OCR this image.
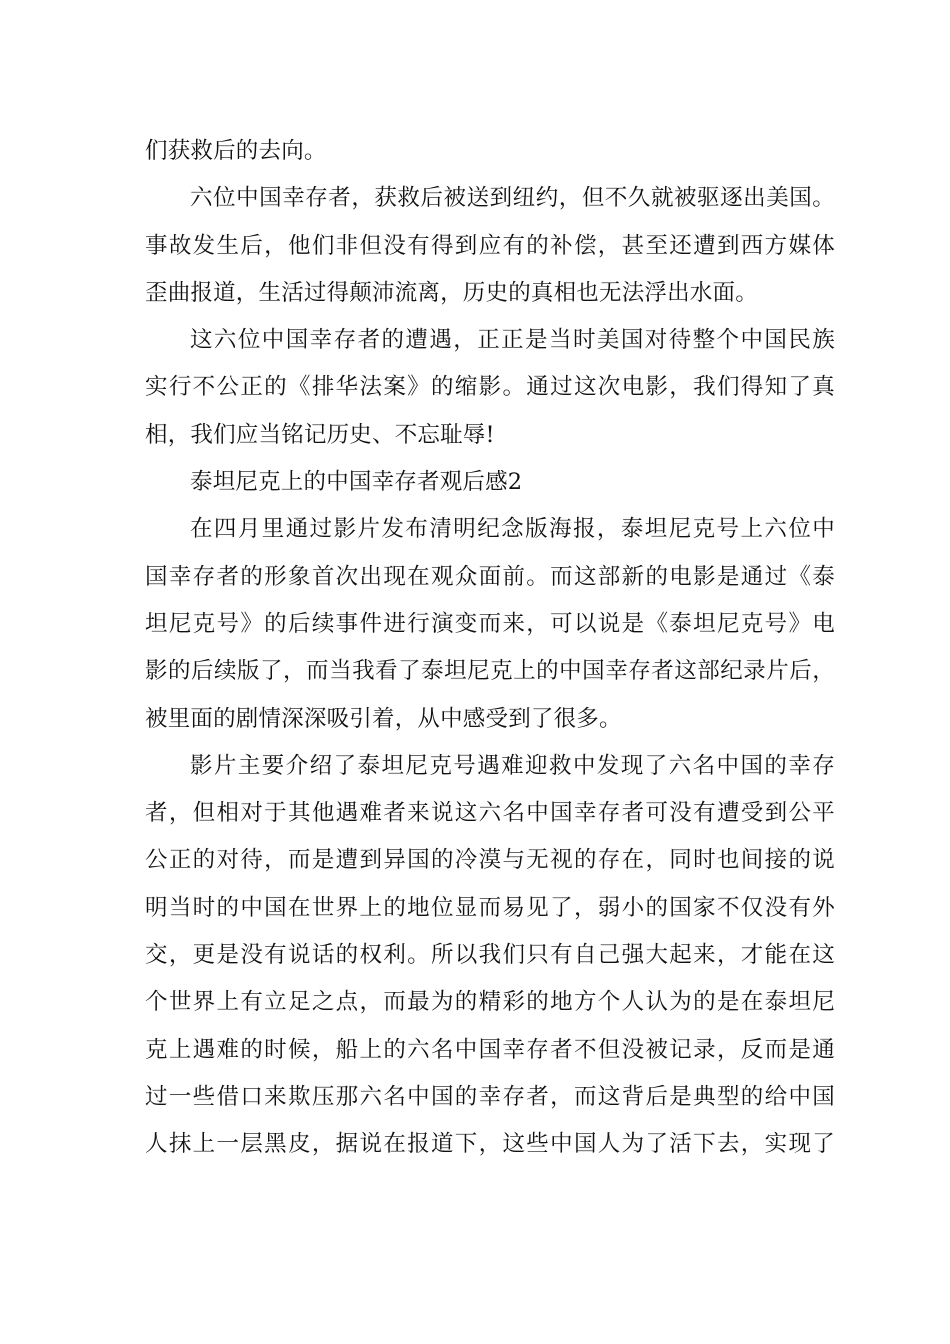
们获救后的去向。
六位中国幸存者，获救后被送到纽约，但不久就被驱逐出美国。
事故发生后，他们非但没有得到应有的补偿，甚至还遭到西方媒体
歪曲报道，生活过得颠沛流离，历史的真相也无法浮出水面。
这六位中国幸存者的遭遇，正正是当时美国对待整个中国民族
实行不公正的《排华法案》的缩影。通过这次电影，我们得知了真
相，我们应当铭记历史、不忘耻辱!
泰坦尼克上的中国幸存者观后感2
在四月里通过影片发布清明纪念版海报，泰坦尼克号上六位中
国幸存者的形象首次出现在观众面前。而这部新的电影是通过《泰
坦尼克号》的后续事件进行演变而来，可以说是《泰坦尼克号》电
影的后续版了，而当我看了泰坦尼克上的中国幸存者这部纪录片后，
被里面的剧情深深吸引着，从中感受到了很多。
影片主要介绍了泰坦尼克号遇难迎救中发现了六名中国的幸存
者，但相对于其他遇难者来说这六名中国幸存者可没有遭受到公平
公正的对待，而是遭到异国的冷漠与无视的存在，同时也间接的说
明当时的中国在世界上的地位显而易见了，弱小的国家不仅没有外
交，更是没有说话的权利。所以我们只有自己强大起来，才能在这
个世界上有立足之点，而最为的精彩的地方个人认为的是在泰坦尼
克上遇难的时候，船上的六名中国幸存者不但没被记录，反而是通
过一些借口来欺压那六名中国的幸存者，而这背后是典型的给中国
人抹上一层黑皮，据说在报道下，这些中国人为了活下去，实现了
